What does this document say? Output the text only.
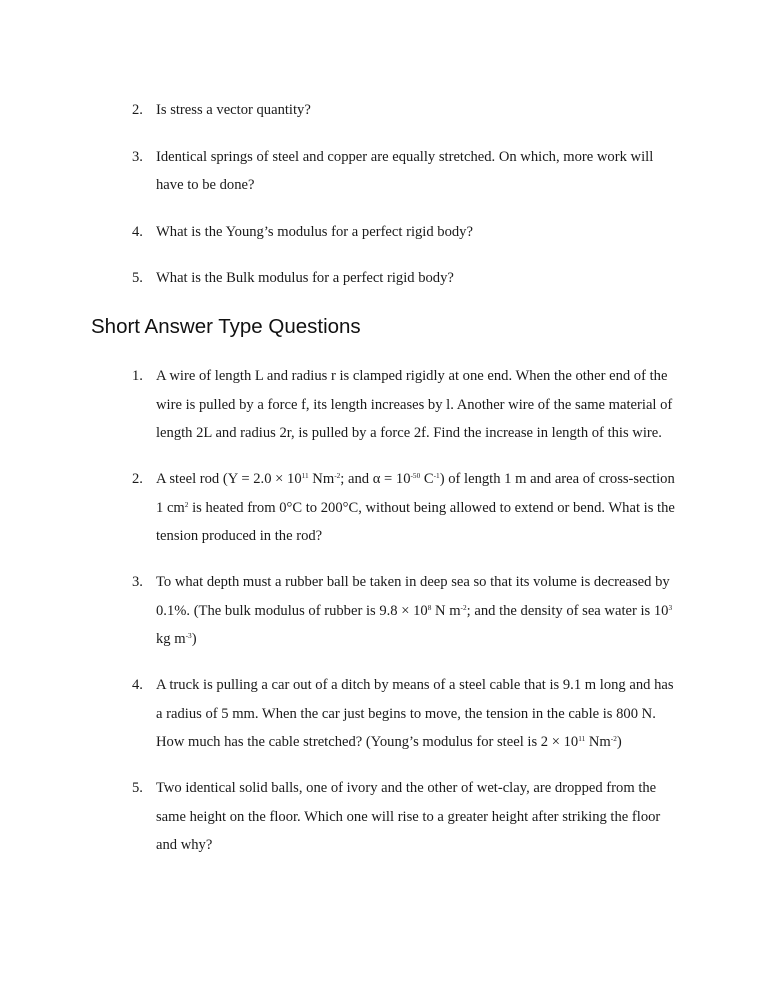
2. Is stress a vector quantity?
3. Identical springs of steel and copper are equally stretched. On which, more work will have to be done?
4. What is the Young’s modulus for a perfect rigid body?
5. What is the Bulk modulus for a perfect rigid body?
Short Answer Type Questions
1. A wire of length L and radius r is clamped rigidly at one end. When the other end of the wire is pulled by a force f, its length increases by l. Another wire of the same material of length 2L and radius 2r, is pulled by a force 2f. Find the increase in length of this wire.
2. A steel rod ($Y = 2.0 \times 10^{11}$ $Nm^{-2}$; and $\alpha = 10^{-50}$ $C^{-1}$) of length 1 m and area of cross-section 1 $cm^2$ is heated from 0°C to 200°C, without being allowed to extend or bend. What is the tension produced in the rod?
3. To what depth must a rubber ball be taken in deep sea so that its volume is decreased by 0.1%. (The bulk modulus of rubber is $9.8 \times 10^8$ N $m^{-2}$; and the density of sea water is $10^3$ kg $m^{-3}$)
4. A truck is pulling a car out of a ditch by means of a steel cable that is 9.1 m long and has a radius of 5 mm. When the car just begins to move, the tension in the cable is 800 N. How much has the cable stretched? (Young’s modulus for steel is $2 \times 10^{11}$ $Nm^{-2}$)
5. Two identical solid balls, one of ivory and the other of wet-clay, are dropped from the same height on the floor. Which one will rise to a greater height after striking the floor and why?
